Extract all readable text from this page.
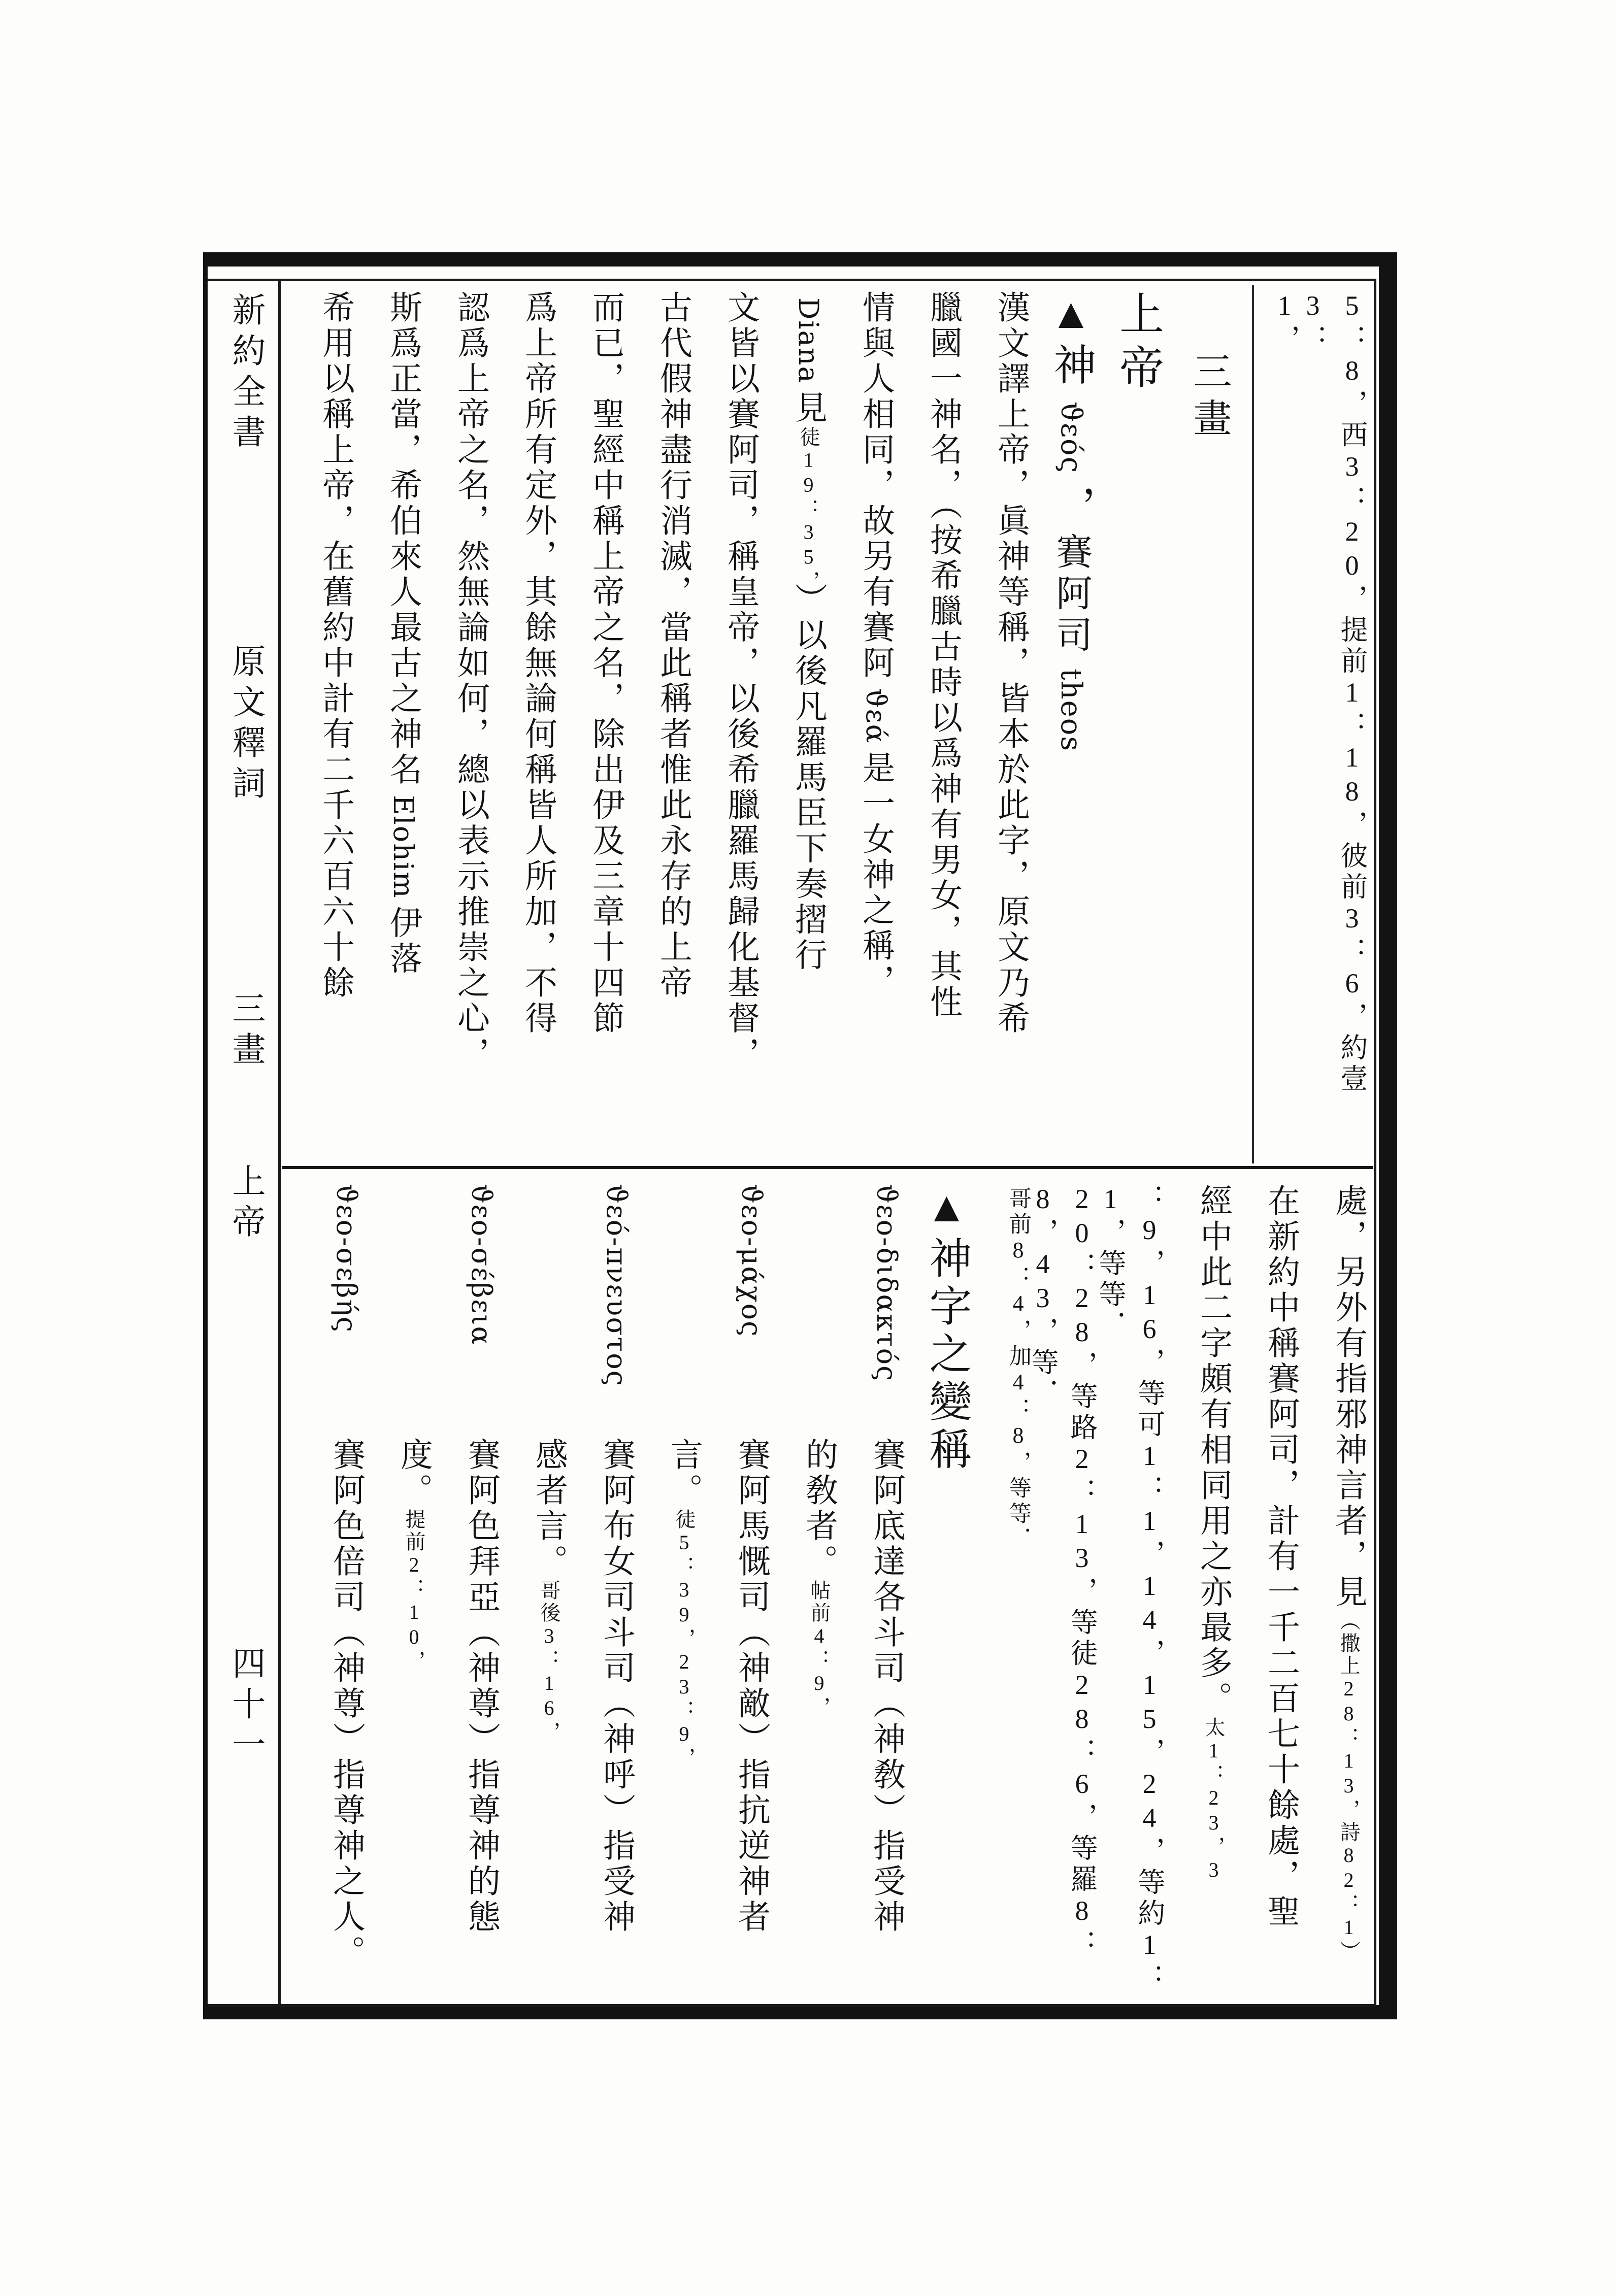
新約全書
原文釋詞
三畫
上帝
四十一
5：8，西3：20，提前1：18，彼前3：6，約壹3：
1，
三畫
上帝
▲神ϑεός，賽阿司theos
漢文譯上帝，眞神等稱，皆本於此字，原文乃希
臘國一神名，（按希臘古時以爲神有男女，其性
情與人相同，故另有賽阿ϑεά是一女神之稱，
Diana見徒19：35，）以後凡羅馬臣下奏摺行
文皆以賽阿司，稱皇帝，以後希臘羅馬歸化基督，
古代假神盡行消滅，當此稱者惟此永存的上帝
而已，聖經中稱上帝之名，除出伊及三章十四節
爲上帝所有定外，其餘無論何稱皆人所加，不得
認爲上帝之名，然無論如何，總以表示推崇之心，
斯爲正當，希伯來人最古之神名Elohim伊落
希用以稱上帝，在舊約中計有二千六百六十餘
處，另外有指邪神言者，見（撒上28：13，詩82：1）
在新約中稱賽阿司，計有一千二百七十餘處，聖
經中此二字頗有相同用之亦最多。太1：23，3
：9，16，等可1：1，14，15，24，等約1：1，等等．
20：28，等路2：13，等徒28：6，等羅8：8，43，等．
哥前8：4，加4：8，等等．
▲神字之變稱
ϑεο-διδακτός賽阿底達各斗司（神敎）指受神
的敎者。帖前4：9，
ϑεο-μάχος賽阿馬慨司（神敵）指抗逆神者
言。徒5：39，23：9，
ϑεό-πνευστος賽阿布女司斗司（神呼）指受神
感者言。哥後3：16，
ϑεο-σέβεια賽阿色拜亞（神尊）指尊神的態
度。提前2：10，
ϑεο-σεβής賽阿色倍司（神尊）指尊神之人。
